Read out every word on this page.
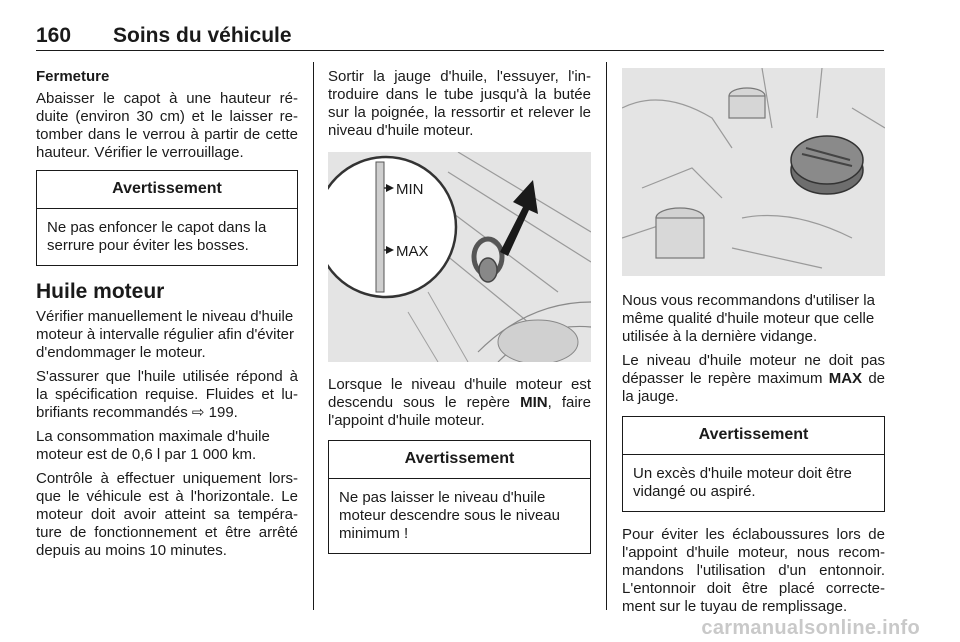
160 Soins du véhicule
Fermeture

Abaisser le capot à une hauteur ré-duite (environ 30 cm) et le laisser re-tomber dans le verrou à partir de cette hauteur. Vérifier le verrouillage.

Avertissement
Ne pas enfoncer le capot dans la serrure pour éviter les bosses.
Huile moteur

Vérifier manuellement le niveau d'huile moteur à intervalle régulier afin d'éviter d'endommager le moteur.

S'assurer que l'huile utilisée répond à la spécification requise. Fluides et lu-brifiants recommandés ⇨ 199.

La consommation maximale d'huile moteur est de 0,6 l par 1 000 km.

Contrôle à effectuer uniquement lors-que le véhicule est à l'horizontale. Le moteur doit avoir atteint sa tempéra-ture de fonctionnement et être arrêté depuis au moins 10 minutes.

Sortir la jauge d'huile, l'essuyer, l'in-troduire dans le tube jusqu'à la butée sur la poignée, la ressortir et relever le niveau d'huile moteur.

MIN
MAX

Lorsque le niveau d'huile moteur est descendu sous le repère MIN, faire l'appoint d'huile moteur.

Avertissement
Ne pas laisser le niveau d'huile moteur descendre sous le niveau minimum !

Nous vous recommandons d'utiliser la même qualité d'huile moteur que celle utilisée à la dernière vidange.

Le niveau d'huile moteur ne doit pas dépasser le repère maximum MAX de la jauge.

Avertissement
Un excès d'huile moteur doit être vidangé ou aspiré.

Pour éviter les éclaboussures lors de l'appoint d'huile moteur, nous recom-mandons l'utilisation d'un entonnoir. L'entonnoir doit être placé correcte-ment sur le tuyau de remplissage.

carmanualsonline.info
